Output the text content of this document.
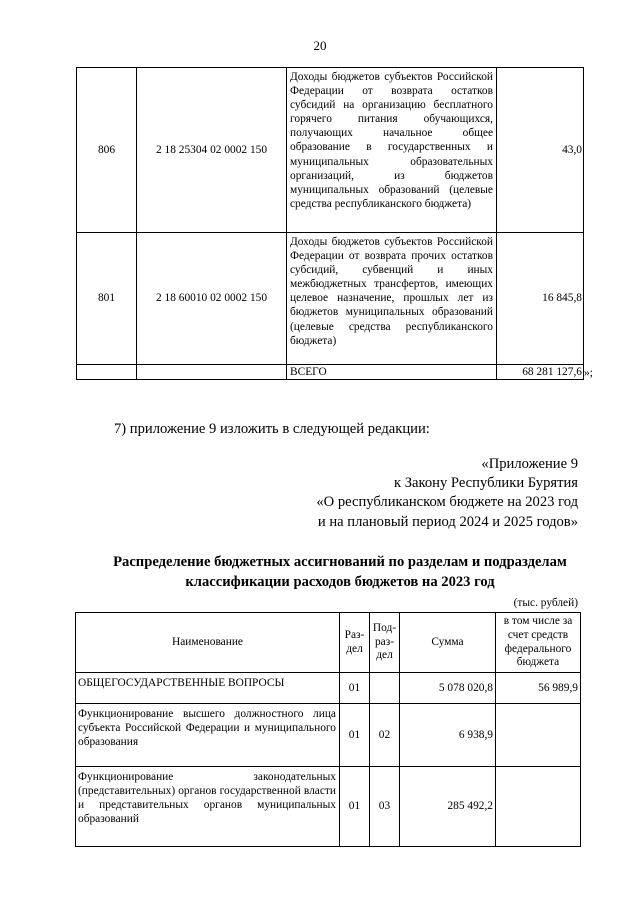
20
806	2 18 25304 02 0002 150	Доходы бюджетов субъектов Российской Федерации от возврата остатков субсидий на организацию бесплатного горячего питания обучающихся, получающих начальное общее образование в государственных и муниципальных образовательных организаций, из бюджетов муниципальных образований (целевые средства республиканского бюджета)	43,0
801	2 18 60010 02 0002 150	Доходы бюджетов субъектов Российской Федерации от возврата прочих остатков субсидий, субвенций и иных межбюджетных трансфертов, имеющих целевое назначение, прошлых лет из бюджетов муниципальных образований (целевые средства республиканского бюджета)	16 845,8
		ВСЕГО	68 281 127,6 »;
7) приложение 9 изложить в следующей редакции:
«Приложение 9
к Закону Республики Бурятия
«О республиканском бюджете на 2023 год
и на плановый период 2024 и 2025 годов»
Распределение бюджетных ассигнований по разделам и подразделам
классификации расходов бюджетов на 2023 год
(тыс. рублей)
Наименование	Раз-дел	Под-раз-дел	Сумма	в том числе за счет средств федерального бюджета
ОБЩЕГОСУДАРСТВЕННЫЕ ВОПРОСЫ	01		5 078 020,8	56 989,9
Функционирование высшего должностного лица субъекта Российской Федерации и муниципального образования	01	02	6 938,9	
Функционирование законодательных (представительных) органов государственной власти и представительных органов муниципальных образований	01	03	285 492,2	
